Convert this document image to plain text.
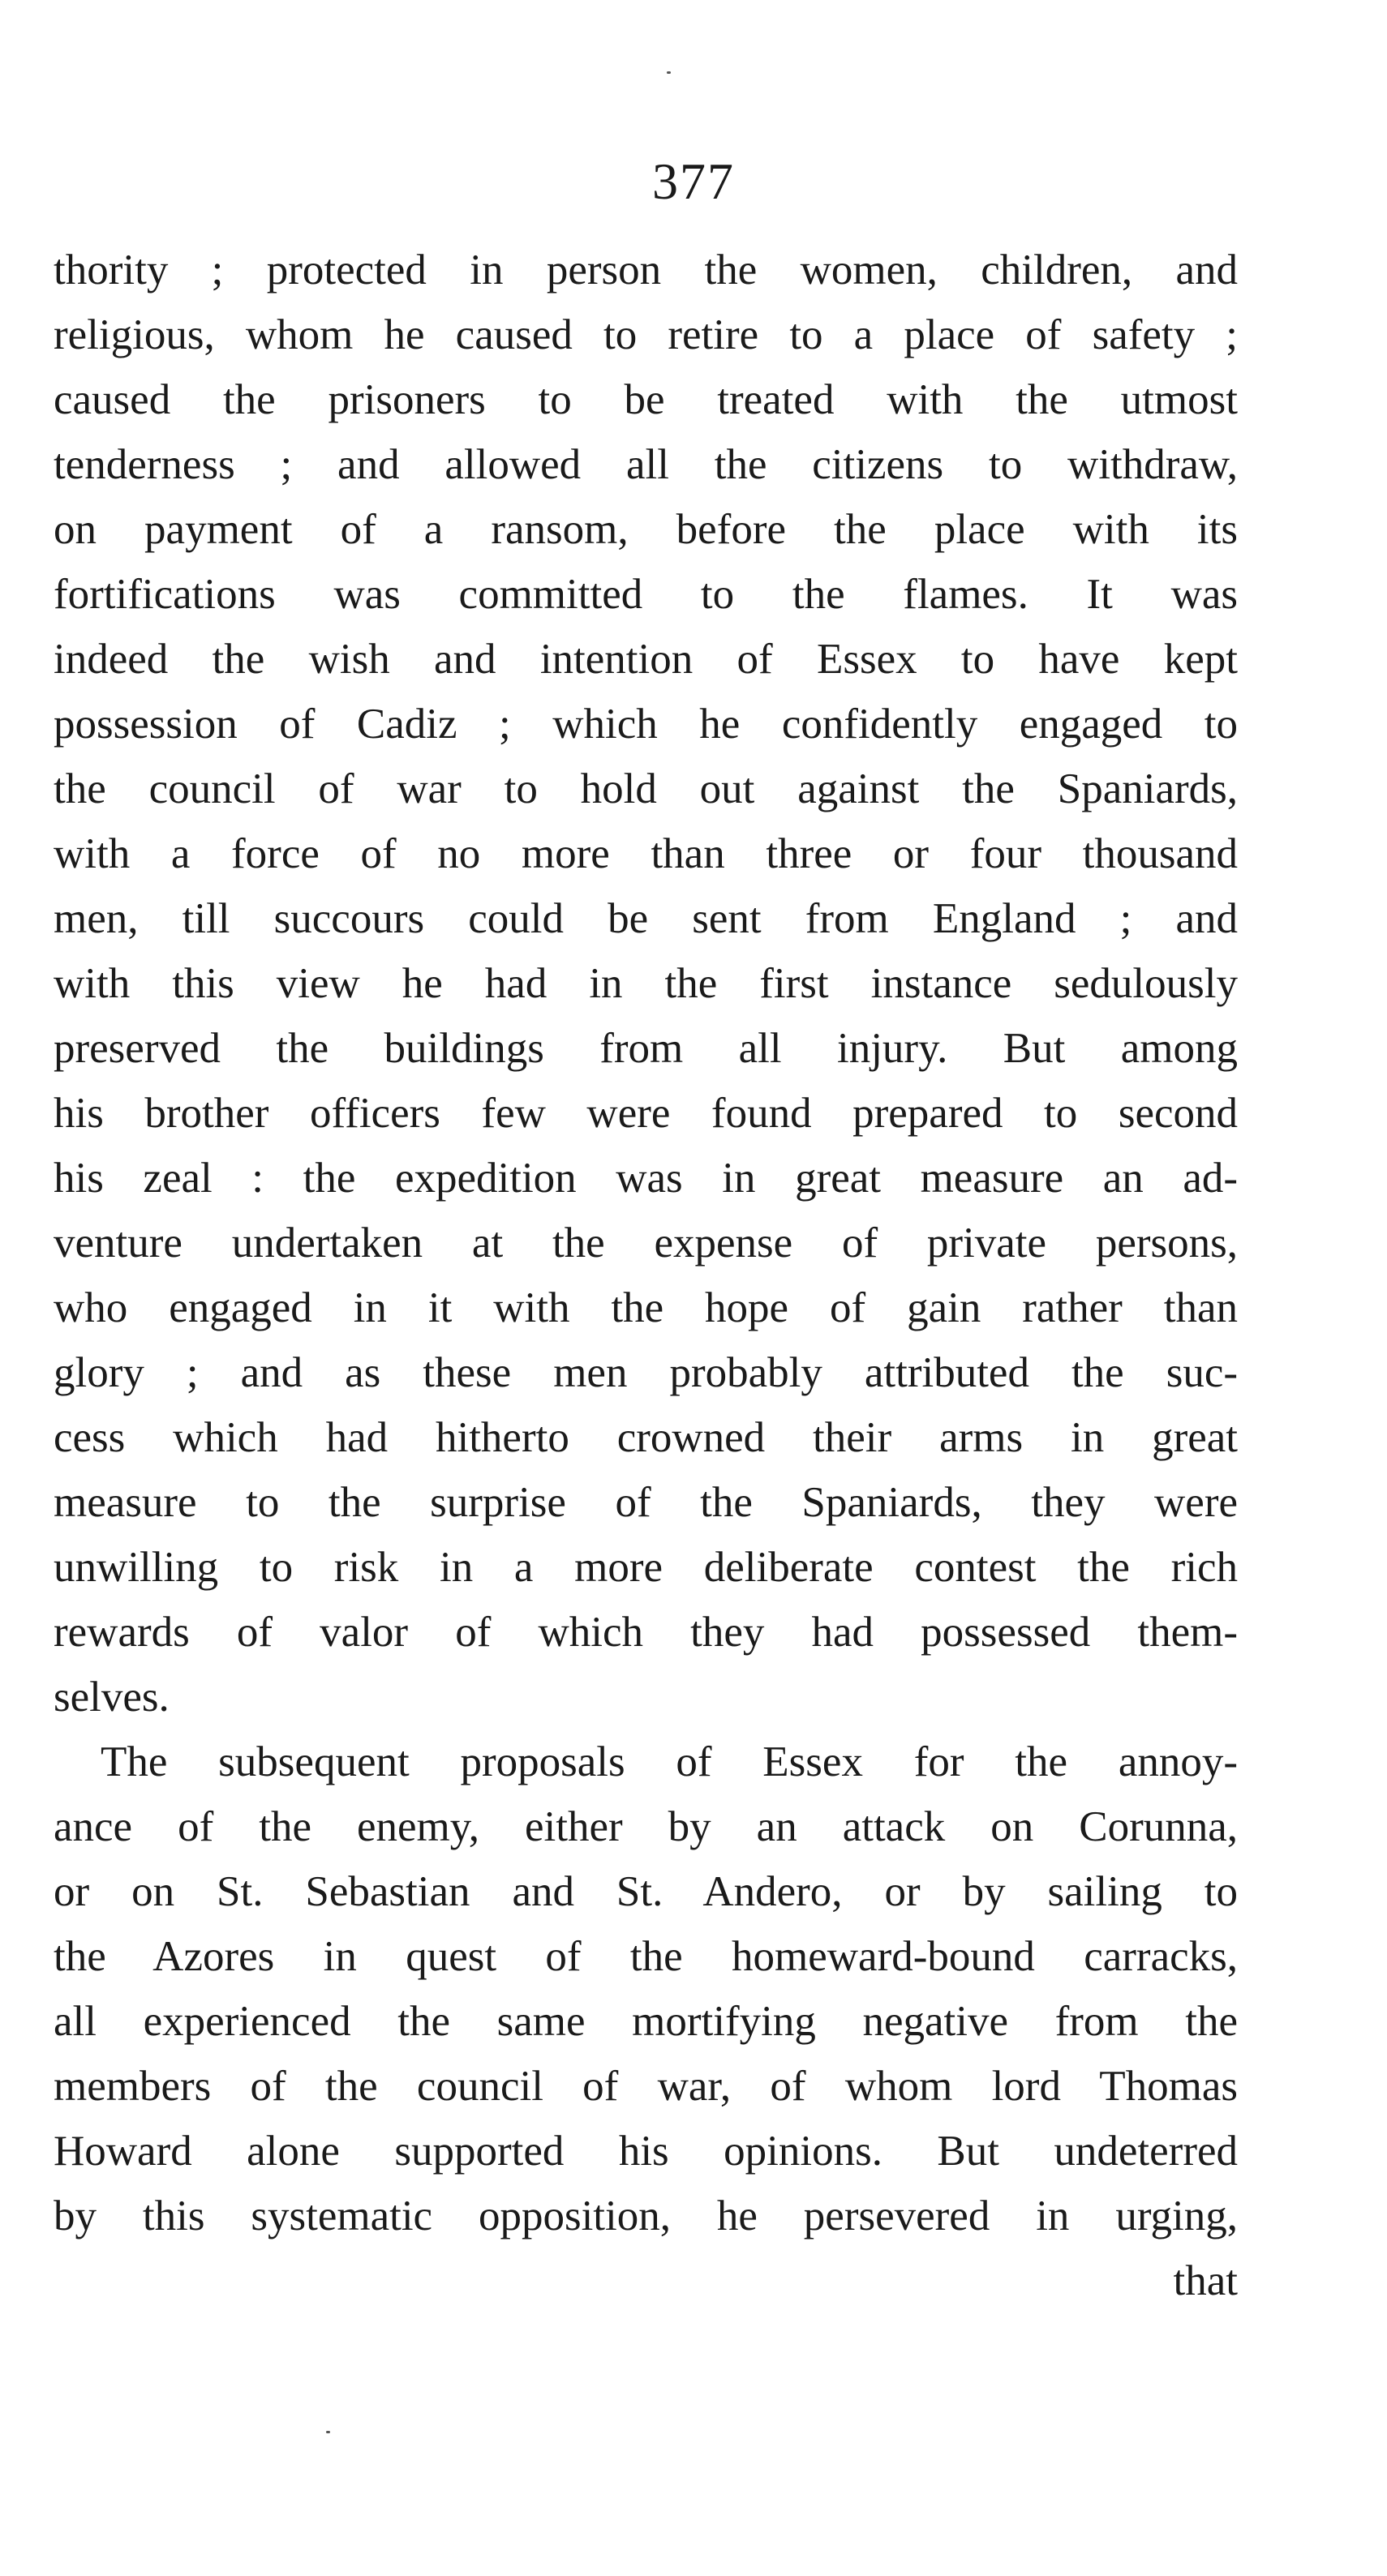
377
thority ; protected in person the women, children, and
religious, whom he caused to retire to a place of safety ;
caused the prisoners to be treated with the utmost
tenderness ; and allowed all the citizens to withdraw,
on payment of a ransom, before the place with its
fortifications was committed to the flames. It was
indeed the wish and intention of Essex to have kept
possession of Cadiz ; which he confidently engaged to
the council of war to hold out against the Spaniards,
with a force of no more than three or four thousand
men, till succours could be sent from England ; and
with this view he had in the first instance sedulously
preserved the buildings from all injury. But among
his brother officers few were found prepared to second
his zeal : the expedition was in great measure an ad-
venture undertaken at the expense of private persons,
who engaged in it with the hope of gain rather than
glory ; and as these men probably attributed the suc-
cess which had hitherto crowned their arms in great
measure to the surprise of the Spaniards, they were
unwilling to risk in a more deliberate contest the rich
rewards of valor of which they had possessed them-
selves.
The subsequent proposals of Essex for the annoy-
ance of the enemy, either by an attack on Corunna,
or on St. Sebastian and St. Andero, or by sailing to
the Azores in quest of the homeward-bound carracks,
all experienced the same mortifying negative from the
members of the council of war, of whom lord Thomas
Howard alone supported his opinions. But undeterred
by this systematic opposition, he persevered in urging,
that
